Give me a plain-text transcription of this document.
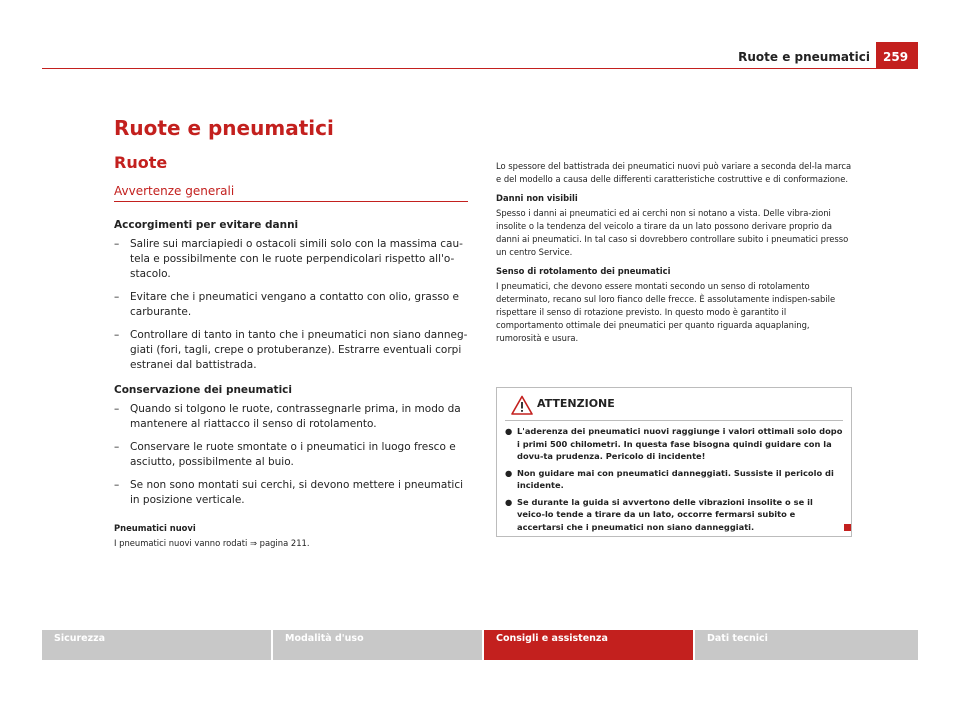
Ruote e pneumatici	259
Ruote e pneumatici
Ruote
Avvertenze generali
Accorgimenti per evitare danni
– Salire sui marciapiedi o ostacoli simili solo con la massima cau-tela e possibilmente con le ruote perpendicolari rispetto all'o-stacolo.
– Evitare che i pneumatici vengano a contatto con olio, grasso e carburante.
– Controllare di tanto in tanto che i pneumatici non siano danneg-giati (fori, tagli, crepe o protuberanze). Estrarre eventuali corpi estranei dal battistrada.
Conservazione dei pneumatici
– Quando si tolgono le ruote, contrassegnarle prima, in modo da mantenere al riattacco il senso di rotolamento.
– Conservare le ruote smontate o i pneumatici in luogo fresco e asciutto, possibilmente al buio.
– Se non sono montati sui cerchi, si devono mettere i pneumatici in posizione verticale.
Pneumatici nuovi
I pneumatici nuovi vanno rodati ⇒ pagina 211.

Lo spessore del battistrada dei pneumatici nuovi può variare a seconda del-la marca e del modello a causa delle differenti caratteristiche costruttive e di conformazione.

Danni non visibili

Spesso i danni ai pneumatici ed ai cerchi non si notano a vista. Delle vibra-zioni insolite o la tendenza del veicolo a tirare da un lato possono derivare proprio da danni ai pneumatici. In tal caso si dovrebbero controllare subito i pneumatici presso un centro Service.

Senso di rotolamento dei pneumatici

I pneumatici, che devono essere montati secondo un senso di rotolamento determinato, recano sul loro fianco delle frecce. È assolutamente indispen-sabile rispettare il senso di rotazione previsto. In questo modo è garantito il comportamento ottimale dei pneumatici per quanto riguarda aquaplaning, rumorosità e usura.

ATTENZIONE
● L'aderenza dei pneumatici nuovi raggiunge i valori ottimali solo dopo i primi 500 chilometri. In questa fase bisogna quindi guidare con la dovu-ta prudenza. Pericolo di incidente!
● Non guidare mai con pneumatici danneggiati. Sussiste il pericolo di incidente.
● Se durante la guida si avvertono delle vibrazioni insolite o se il veico-lo tende a tirare da un lato, occorre fermarsi subito e accertarsi che i pneumatici non siano danneggiati.
Sicurezza	Modalità d'uso	Consigli e assistenza	Dati tecnici
